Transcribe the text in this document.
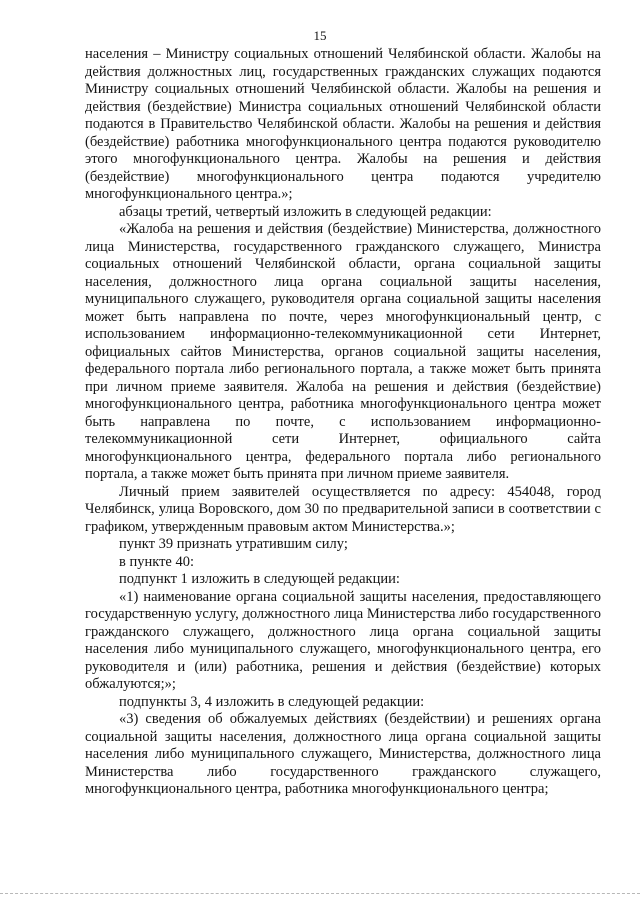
15

населения – Министру социальных отношений Челябинской области. Жалобы на действия должностных лиц, государственных гражданских служащих подаются Министру социальных отношений Челябинской области. Жалобы на решения и действия (бездействие) Министра социальных отношений Челябинской области подаются в Правительство Челябинской области. Жалобы на решения и действия (бездействие) работника многофункционального центра подаются руководителю этого многофункционального центра. Жалобы на решения и действия (бездействие) многофункционального центра подаются учредителю многофункционального центра.»;

абзацы третий, четвертый изложить в следующей редакции:

«Жалоба на решения и действия (бездействие) Министерства, должностного лица Министерства, государственного гражданского служащего, Министра социальных отношений Челябинской области, органа социальной защиты населения, должностного лица органа социальной защиты населения, муниципального служащего, руководителя органа социальной защиты населения может быть направлена по почте, через многофункциональный центр, с использованием информационно-телекоммуникационной сети Интернет, официальных сайтов Министерства, органов социальной защиты населения, федерального портала либо регионального портала, а также может быть принята при личном приеме заявителя. Жалоба на решения и действия (бездействие) многофункционального центра, работника многофункционального центра может быть направлена по почте, с использованием информационно-телекоммуникационной сети Интернет, официального сайта многофункционального центра, федерального портала либо регионального портала, а также может быть принята при личном приеме заявителя.

Личный прием заявителей осуществляется по адресу: 454048, город Челябинск, улица Воровского, дом 30 по предварительной записи в соответствии с графиком, утвержденным правовым актом Министерства.»;

пункт 39 признать утратившим силу;

в пункте 40:

подпункт 1 изложить в следующей редакции:

«1) наименование органа социальной защиты населения, предоставляющего государственную услугу, должностного лица Министерства либо государственного гражданского служащего, должностного лица органа социальной защиты населения либо муниципального служащего, многофункционального центра, его руководителя и (или) работника, решения и действия (бездействие) которых обжалуются;»;

подпункты 3, 4 изложить в следующей редакции:

«3) сведения об обжалуемых действиях (бездействии) и решениях органа социальной защиты населения, должностного лица органа социальной защиты населения либо муниципального служащего, Министерства, должностного лица Министерства либо государственного гражданского служащего, многофункционального центра, работника многофункционального центра;
